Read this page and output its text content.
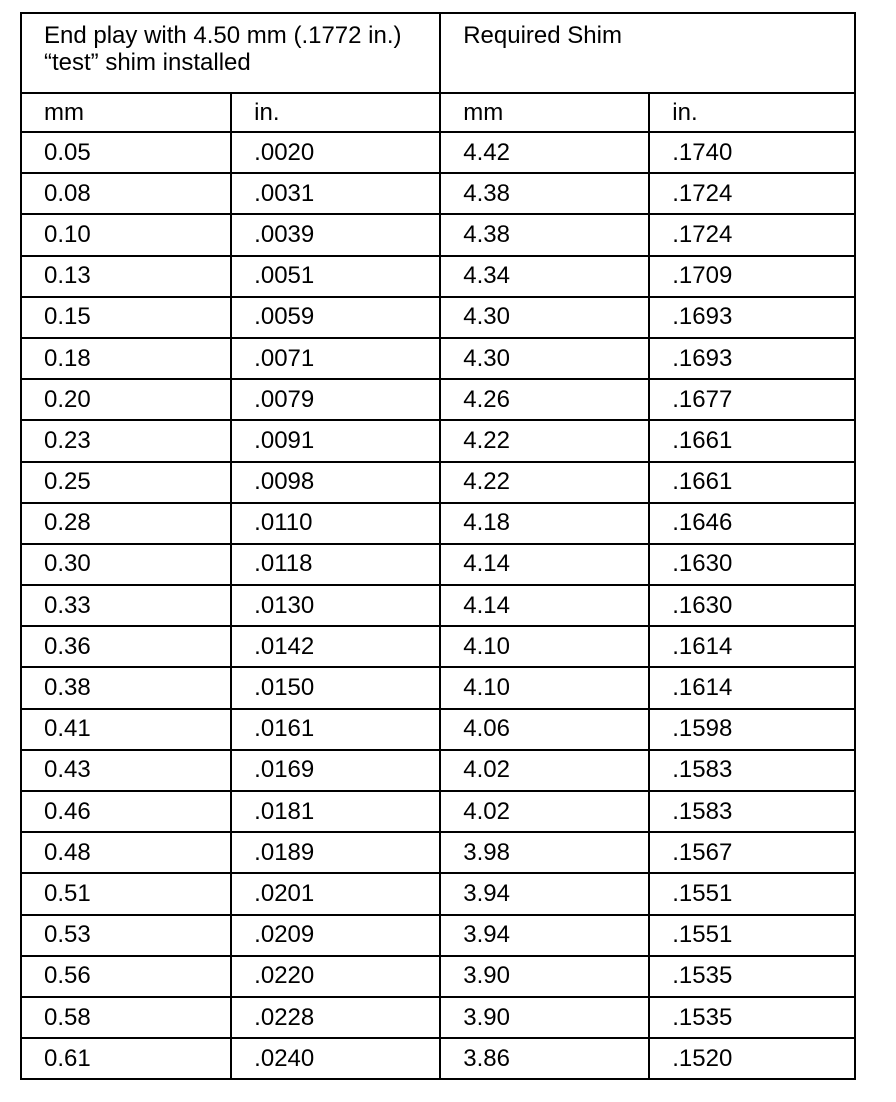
End play with 4.50 mm (.1772 in.) “test” shim installed		Required Shim	
mm	in.	mm	in.
0.05	.0020	4.42	.1740
0.08	.0031	4.38	.1724
0.10	.0039	4.38	.1724
0.13	.0051	4.34	.1709
0.15	.0059	4.30	.1693
0.18	.0071	4.30	.1693
0.20	.0079	4.26	.1677
0.23	.0091	4.22	.1661
0.25	.0098	4.22	.1661
0.28	.0110	4.18	.1646
0.30	.0118	4.14	.1630
0.33	.0130	4.14	.1630
0.36	.0142	4.10	.1614
0.38	.0150	4.10	.1614
0.41	.0161	4.06	.1598
0.43	.0169	4.02	.1583
0.46	.0181	4.02	.1583
0.48	.0189	3.98	.1567
0.51	.0201	3.94	.1551
0.53	.0209	3.94	.1551
0.56	.0220	3.90	.1535
0.58	.0228	3.90	.1535
0.61	.0240	3.86	.1520
